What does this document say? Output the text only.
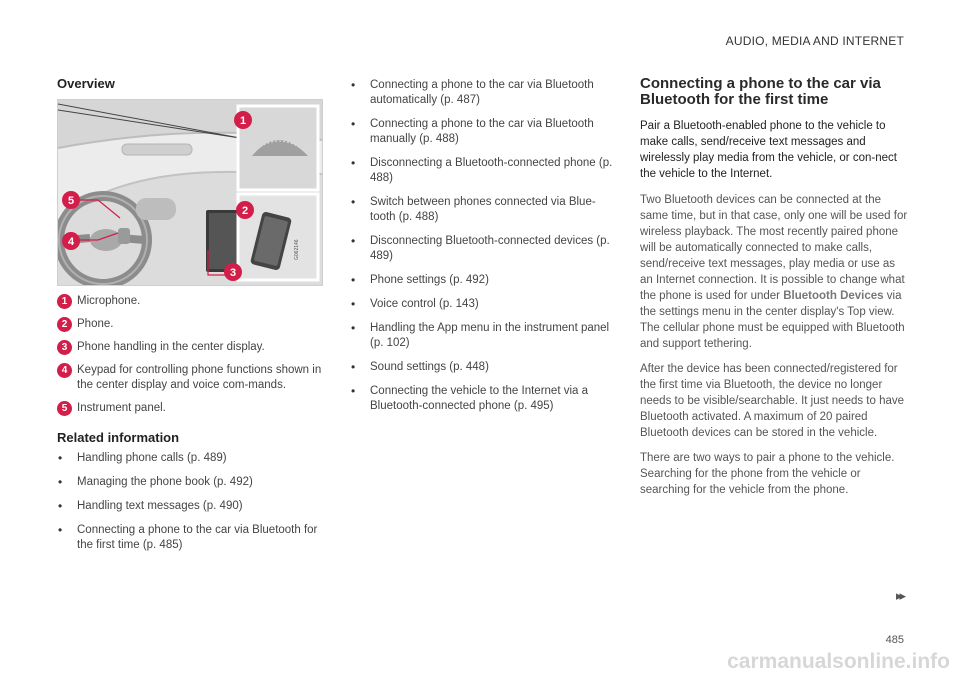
AUDIO, MEDIA AND INTERNET
Overview
G062146
1
2
3
4
5
1 Microphone.
2 Phone.
3 Phone handling in the center display.
4 Keypad for controlling phone functions shown in the center display and voice com-mands.
5 Instrument panel.
Related information
• Handling phone calls (p. 489)
• Managing the phone book (p. 492)
• Handling text messages (p. 490)
• Connecting a phone to the car via Bluetooth for the first time (p. 485)
• Connecting a phone to the car via Bluetooth automatically (p. 487)
• Connecting a phone to the car via Bluetooth manually (p. 488)
• Disconnecting a Bluetooth-connected phone (p. 488)
• Switch between phones connected via Blue-tooth (p. 488)
• Disconnecting Bluetooth-connected devices (p. 489)
• Phone settings (p. 492)
• Voice control (p. 143)
• Handling the App menu in the instrument panel (p. 102)
• Sound settings (p. 448)
• Connecting the vehicle to the Internet via a Bluetooth-connected phone (p. 495)
Connecting a phone to the car via Bluetooth for the first time

Pair a Bluetooth-enabled phone to the vehicle to make calls, send/receive text messages and wirelessly play media from the vehicle, or con-nect the vehicle to the Internet.

Two Bluetooth devices can be connected at the same time, but in that case, only one will be used for wireless playback. The most recently paired phone will be automatically connected to make calls, send/receive text messages, play media or use as an Internet connection. It is possible to change what the phone is used for under Bluetooth Devices via the settings menu in the center display's Top view. The cellular phone must be equipped with Bluetooth and support tethering.

After the device has been connected/registered for the first time via Bluetooth, the device no longer needs to be visible/searchable. It just needs to have Bluetooth activated. A maximum of 20 paired Bluetooth devices can be stored in the vehicle.

There are two ways to pair a phone to the vehicle. Searching for the phone from the vehicle or searching for the vehicle from the phone.

▸▸
485
carmanualsonline.info
